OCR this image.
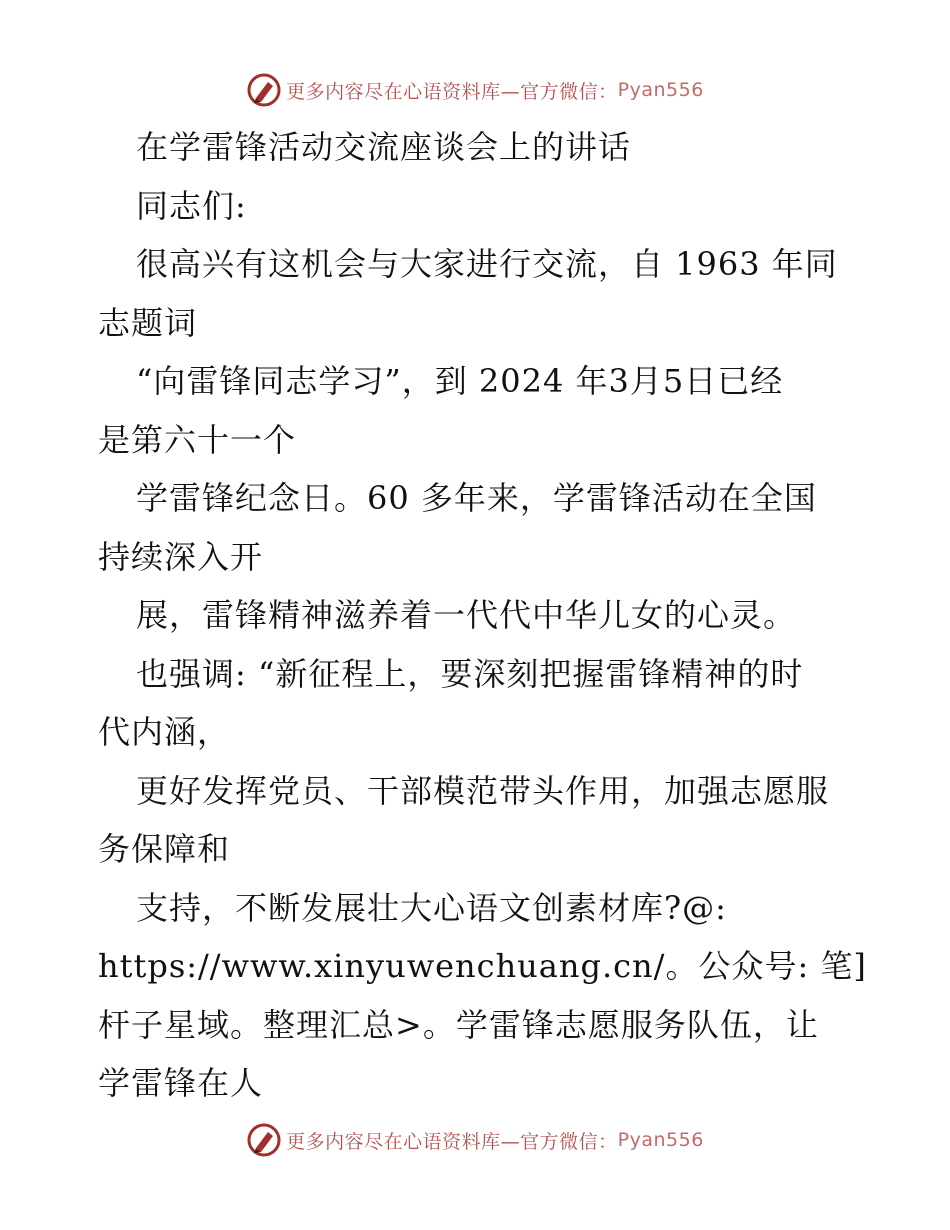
更多内容尽在心语资料库—官方微信： Pyan556
在学雷锋活动交流座谈会上的讲话
同志们:
很高兴有这机会与大家进行交流，自 1963 年同
志题词
“向雷锋同志学习”，到 2024 年3月5日已经
是第六十一个
学雷锋纪念日。60 多年来，学雷锋活动在全国
持续深入开
展，雷锋精神滋养着一代代中华儿女的心灵。
也强调: “新征程上，要深刻把握雷锋精神的时
代内涵，
更好发挥党员、干部模范带头作用，加强志愿服
务保障和
支持，不断发展壮大心语文创素材库?@:
https://www.xinyuwenchuang.cn/。公众号: 笔]
杆子星域。整理汇总>。学雷锋志愿服务队伍，让
学雷锋在人
更多内容尽在心语资料库—官方微信： Pyan556
